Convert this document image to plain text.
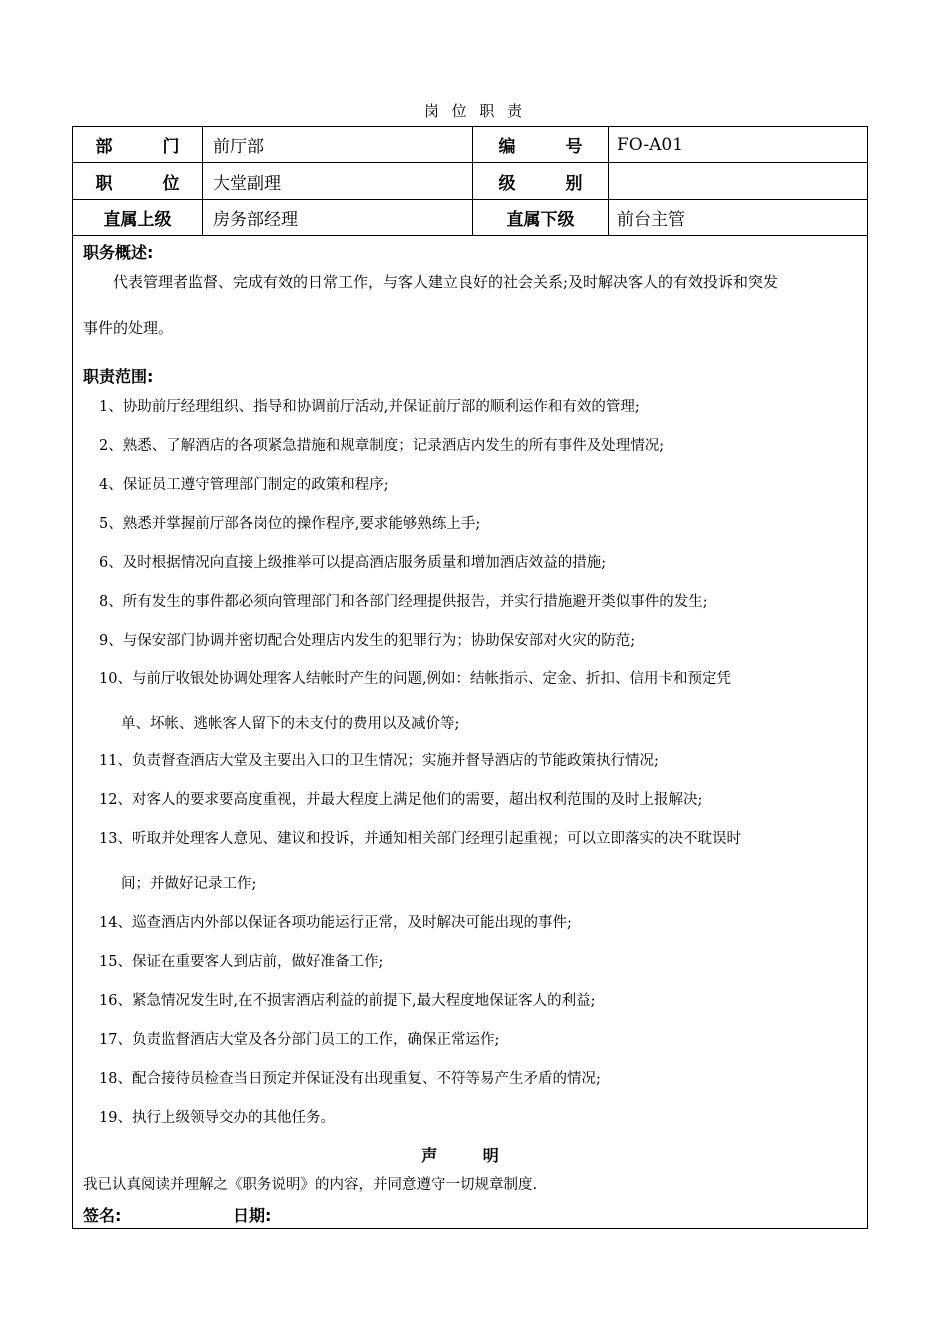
岗 位 职 责
部 门 前厅部	编 号 FO-A01
职 位 大堂副理	级 别
直属上级	房务部经理	直属下级	前台主管
职务概述:
代表管理者监督、完成有效的日常工作，与客人建立良好的社会关系;及时解决客人的有效投诉和突发
事件的处理。
职责范围:
1、协助前厅经理组织、指导和协调前厅活动,并保证前厅部的顺利运作和有效的管理;
2、熟悉、了解酒店的各项紧急措施和规章制度；记录酒店内发生的所有事件及处理情况;
4、保证员工遵守管理部门制定的政策和程序;
5、熟悉并掌握前厅部各岗位的操作程序,要求能够熟练上手;
6、及时根据情况向直接上级推举可以提高酒店服务质量和增加酒店效益的措施;
8、所有发生的事件都必须向管理部门和各部门经理提供报告，并实行措施避开类似事件的发生;
9、与保安部门协调并密切配合处理店内发生的犯罪行为；协助保安部对火灾的防范;
10、与前厅收银处协调处理客人结帐时产生的问题,例如：结帐指示、定金、折扣、信用卡和预定凭
单、坏帐、逃帐客人留下的未支付的费用以及减价等;
11、负责督查酒店大堂及主要出入口的卫生情况；实施并督导酒店的节能政策执行情况;
12、对客人的要求要高度重视，并最大程度上满足他们的需要，超出权利范围的及时上报解决;
13、听取并处理客人意见、建议和投诉，并通知相关部门经理引起重视；可以立即落实的决不耽误时
间；并做好记录工作;
14、巡查酒店内外部以保证各项功能运行正常，及时解决可能出现的事件;
15、保证在重要客人到店前，做好准备工作;
16、紧急情况发生时,在不损害酒店利益的前提下,最大程度地保证客人的利益;
17、负责监督酒店大堂及各分部门员工的工作，确保正常运作;
18、配合接待员检查当日预定并保证没有出现重复、不符等易产生矛盾的情况;
19、执行上级领导交办的其他任务。
声 明
我已认真阅读并理解之《职务说明》的内容，并同意遵守一切规章制度.
签名:	日期:
